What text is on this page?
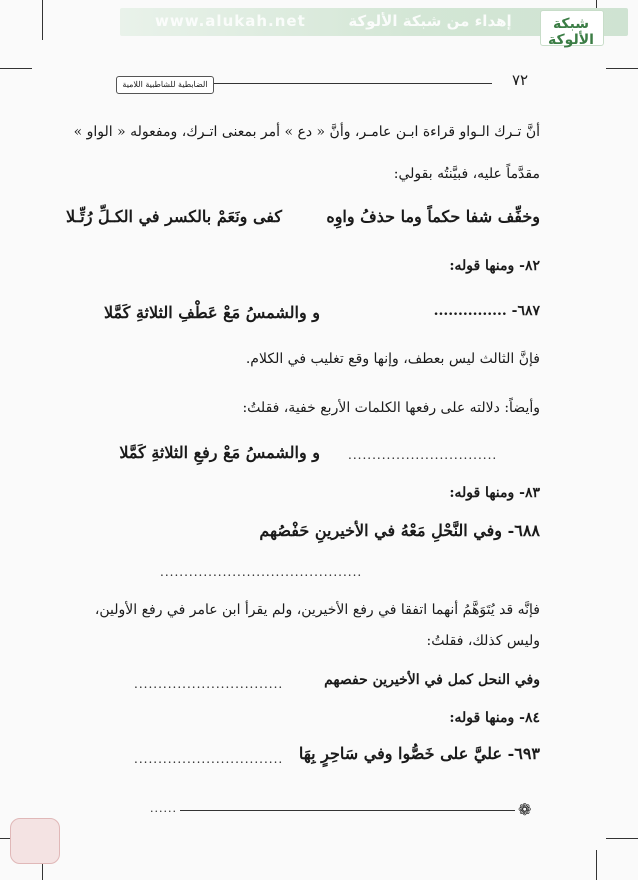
www.alukah.net	إهداء من شبكة الألوكة	شبكة الألوكة
٧٢
الضابطية للشاطبية اللامية
أنَّ تـرك الـواو قراءة ابـن عامـر، وأنَّ « دع » أمر بمعنى اتـرك، ومفعوله « الواو »
مقدَّماً عليه، فبيَّنتُه بقولي:
وخفِّف شفا حكماً وما حذفُ واوِه
كفى ونَعَمْ بالكسر في الكـلِّ رُتِّـلا
٨٢- ومنها قوله:
٦٨٧- ...............
و والشمسُ مَعْ عَطْفِ الثلاثةِ كَمَّلا
فإنَّ الثالث ليس بعطف، وإنها وقع تغليب في الكلام.
وأيضاً: دلالته على رفعها الكلمات الأربع خفية، فقلتُ:
...............................
و والشمسُ مَعْ رفعِ الثلاثةِ كَمَّلا
٨٣- ومنها قوله:
٦٨٨- وفي النَّحْلِ مَعْهُ في الأخيرينِ حَفْصُهم
..........................................
فإنَّه قد يُتَوَهَّمُ أنهما اتفقا في رفع الأخيرين، ولم يقرأ ابن عامر في رفع الأولين،
وليس كذلك، فقلتُ:
وفي النحل كمل في الأخيرين حفصهم
...............................
٨٤- ومنها قوله:
٦٩٣- عليَّ على خَصُّوا وفي سَاحِرٍ بِهَا
...............................
......	❁
